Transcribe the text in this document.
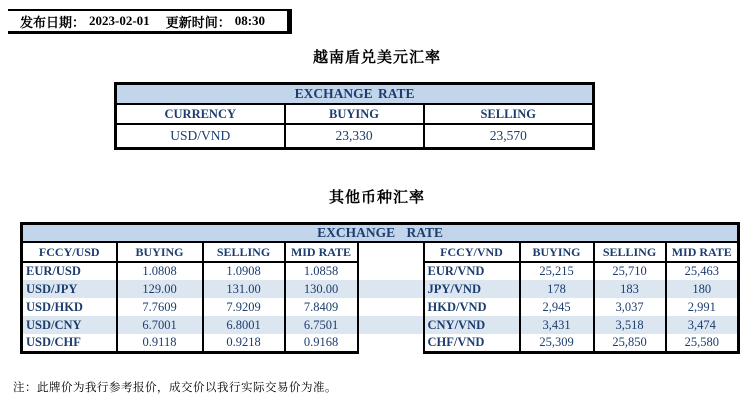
发布日期： 2023-02-01 更新时间： 08:30
越南盾兑美元汇率
EXCHANGE RATE		
CURRENCY	BUYING	SELLING
USD/VND	23,330	23,570
其他币种汇率
EXCHANGE RATE								
FCCY/USD	BUYING	SELLING	MID RATE		FCCY/VND	BUYING	SELLING	MID RATE
EUR/USD	1.0808	1.0908	1.0858		EUR/VND	25,215	25,710	25,463
USD/JPY	129.00	131.00	130.00		JPY/VND	178	183	180
USD/HKD	7.7609	7.9209	7.8409		HKD/VND	2,945	3,037	2,991
USD/CNY	6.7001	6.8001	6.7501		CNY/VND	3,431	3,518	3,474
USD/CHF	0.9118	0.9218	0.9168		CHF/VND	25,309	25,850	25,580
注：此牌价为我行参考报价，成交价以我行实际交易价为准。
